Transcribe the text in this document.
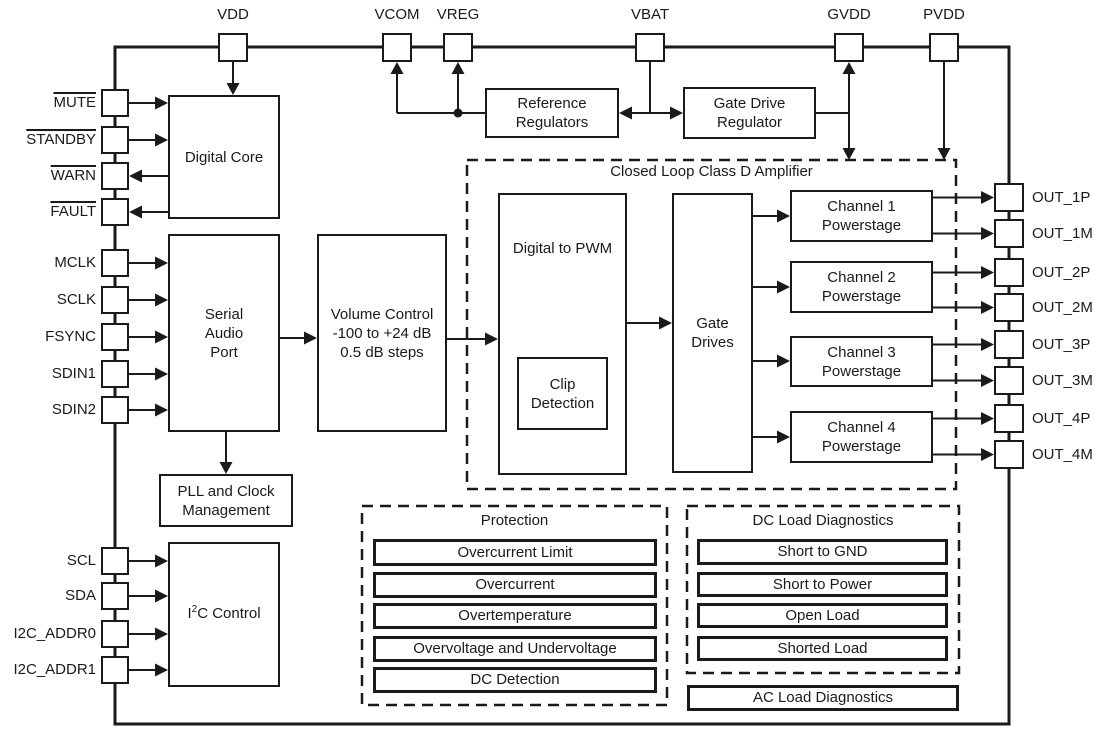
VDD	VCOM	VREG	VBAT	GVDD	PVDD
MUTE
STANDBY
WARN
FAULT
MCLK
SCLK
FSYNC
SDIN1
SDIN2
SCL
SDA
I2C_ADDR0
I2C_ADDR1
OUT_1P
OUT_1M
OUT_2P
OUT_2M
OUT_3P
OUT_3M
OUT_4P
OUT_4M
Digital Core
Serial
Audio
Port
Volume Control
-100 to +24 dB
0.5 dB steps
PLL and Clock
Management
$I^2C$ Control
Reference
Regulators
Gate Drive
Regulator
Closed Loop Class D Amplifier
Digital to PWM
Clip
Detection
Gate
Drives
Channel 1
Powerstage
Channel 2
Powerstage
Channel 3
Powerstage
Channel 4
Powerstage
Protection
Overcurrent Limit
Overcurrent
Overtemperature
Overvoltage and Undervoltage
DC Detection
DC Load Diagnostics
Short to GND
Short to Power
Open Load
Shorted Load
AC Load Diagnostics
